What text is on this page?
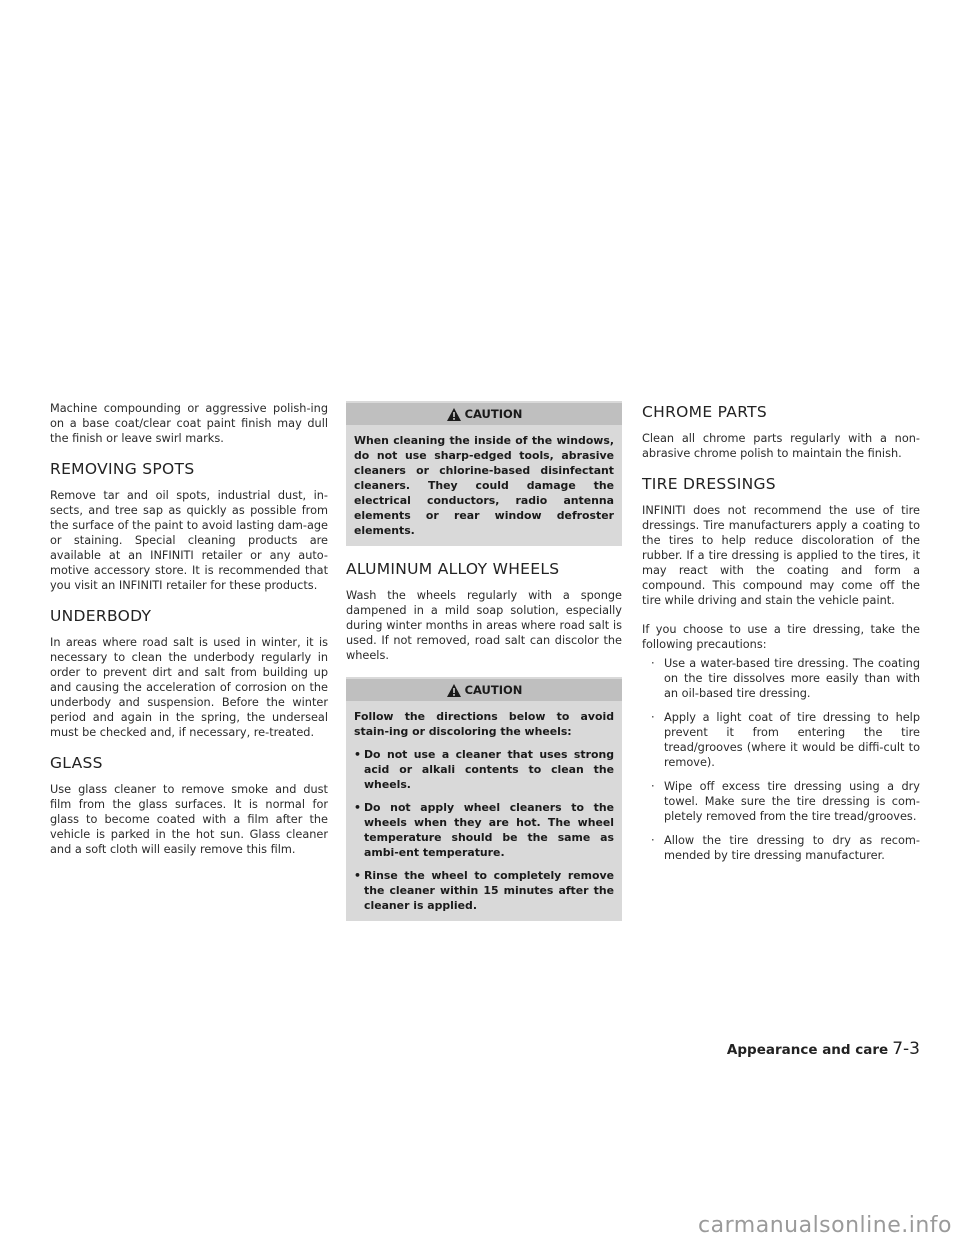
Machine compounding or aggressive polish-ing on a base coat/clear coat paint finish may dull the finish or leave swirl marks.

REMOVING SPOTS

Remove tar and oil spots, industrial dust, in-sects, and tree sap as quickly as possible from the surface of the paint to avoid lasting dam-age or staining. Special cleaning products are available at an INFINITI retailer or any auto-motive accessory store. It is recommended that you visit an INFINITI retailer for these products.

UNDERBODY

In areas where road salt is used in winter, it is necessary to clean the underbody regularly in order to prevent dirt and salt from building up and causing the acceleration of corrosion on the underbody and suspension. Before the winter period and again in the spring, the underseal must be checked and, if necessary, re-treated.

GLASS

Use glass cleaner to remove smoke and dust film from the glass surfaces. It is normal for glass to become coated with a film after the vehicle is parked in the hot sun. Glass cleaner and a soft cloth will easily remove this film.

CAUTION
When cleaning the inside of the windows, do not use sharp-edged tools, abrasive cleaners or chlorine-based disinfectant cleaners. They could damage the electrical conductors, radio antenna elements or rear window defroster elements.
ALUMINUM ALLOY WHEELS

Wash the wheels regularly with a sponge dampened in a mild soap solution, especially during winter months in areas where road salt is used. If not removed, road salt can discolor the wheels.

CAUTION
Follow the directions below to avoid stain-ing or discoloring the wheels:
• Do not use a cleaner that uses strong acid or alkali contents to clean the wheels.
• Do not apply wheel cleaners to the wheels when they are hot. The wheel temperature should be the same as ambi-ent temperature.
• Rinse the wheel to completely remove the cleaner within 15 minutes after the cleaner is applied.
CHROME PARTS

Clean all chrome parts regularly with a non-abrasive chrome polish to maintain the finish.

TIRE DRESSINGS

INFINITI does not recommend the use of tire dressings. Tire manufacturers apply a coating to the tires to help reduce discoloration of the rubber. If a tire dressing is applied to the tires, it may react with the coating and form a compound. This compound may come off the tire while driving and stain the vehicle paint.

If you choose to use a tire dressing, take the following precautions:

· Use a water-based tire dressing. The coating on the tire dissolves more easily than with an oil-based tire dressing.
· Apply a light coat of tire dressing to help prevent it from entering the tire tread/grooves (where it would be diffi-cult to remove).
· Wipe off excess tire dressing using a dry towel. Make sure the tire dressing is com-pletely removed from the tire tread/grooves.
· Allow the tire dressing to dry as recom-mended by tire dressing manufacturer.
Appearance and care 7-3
carmanualsonline.info
